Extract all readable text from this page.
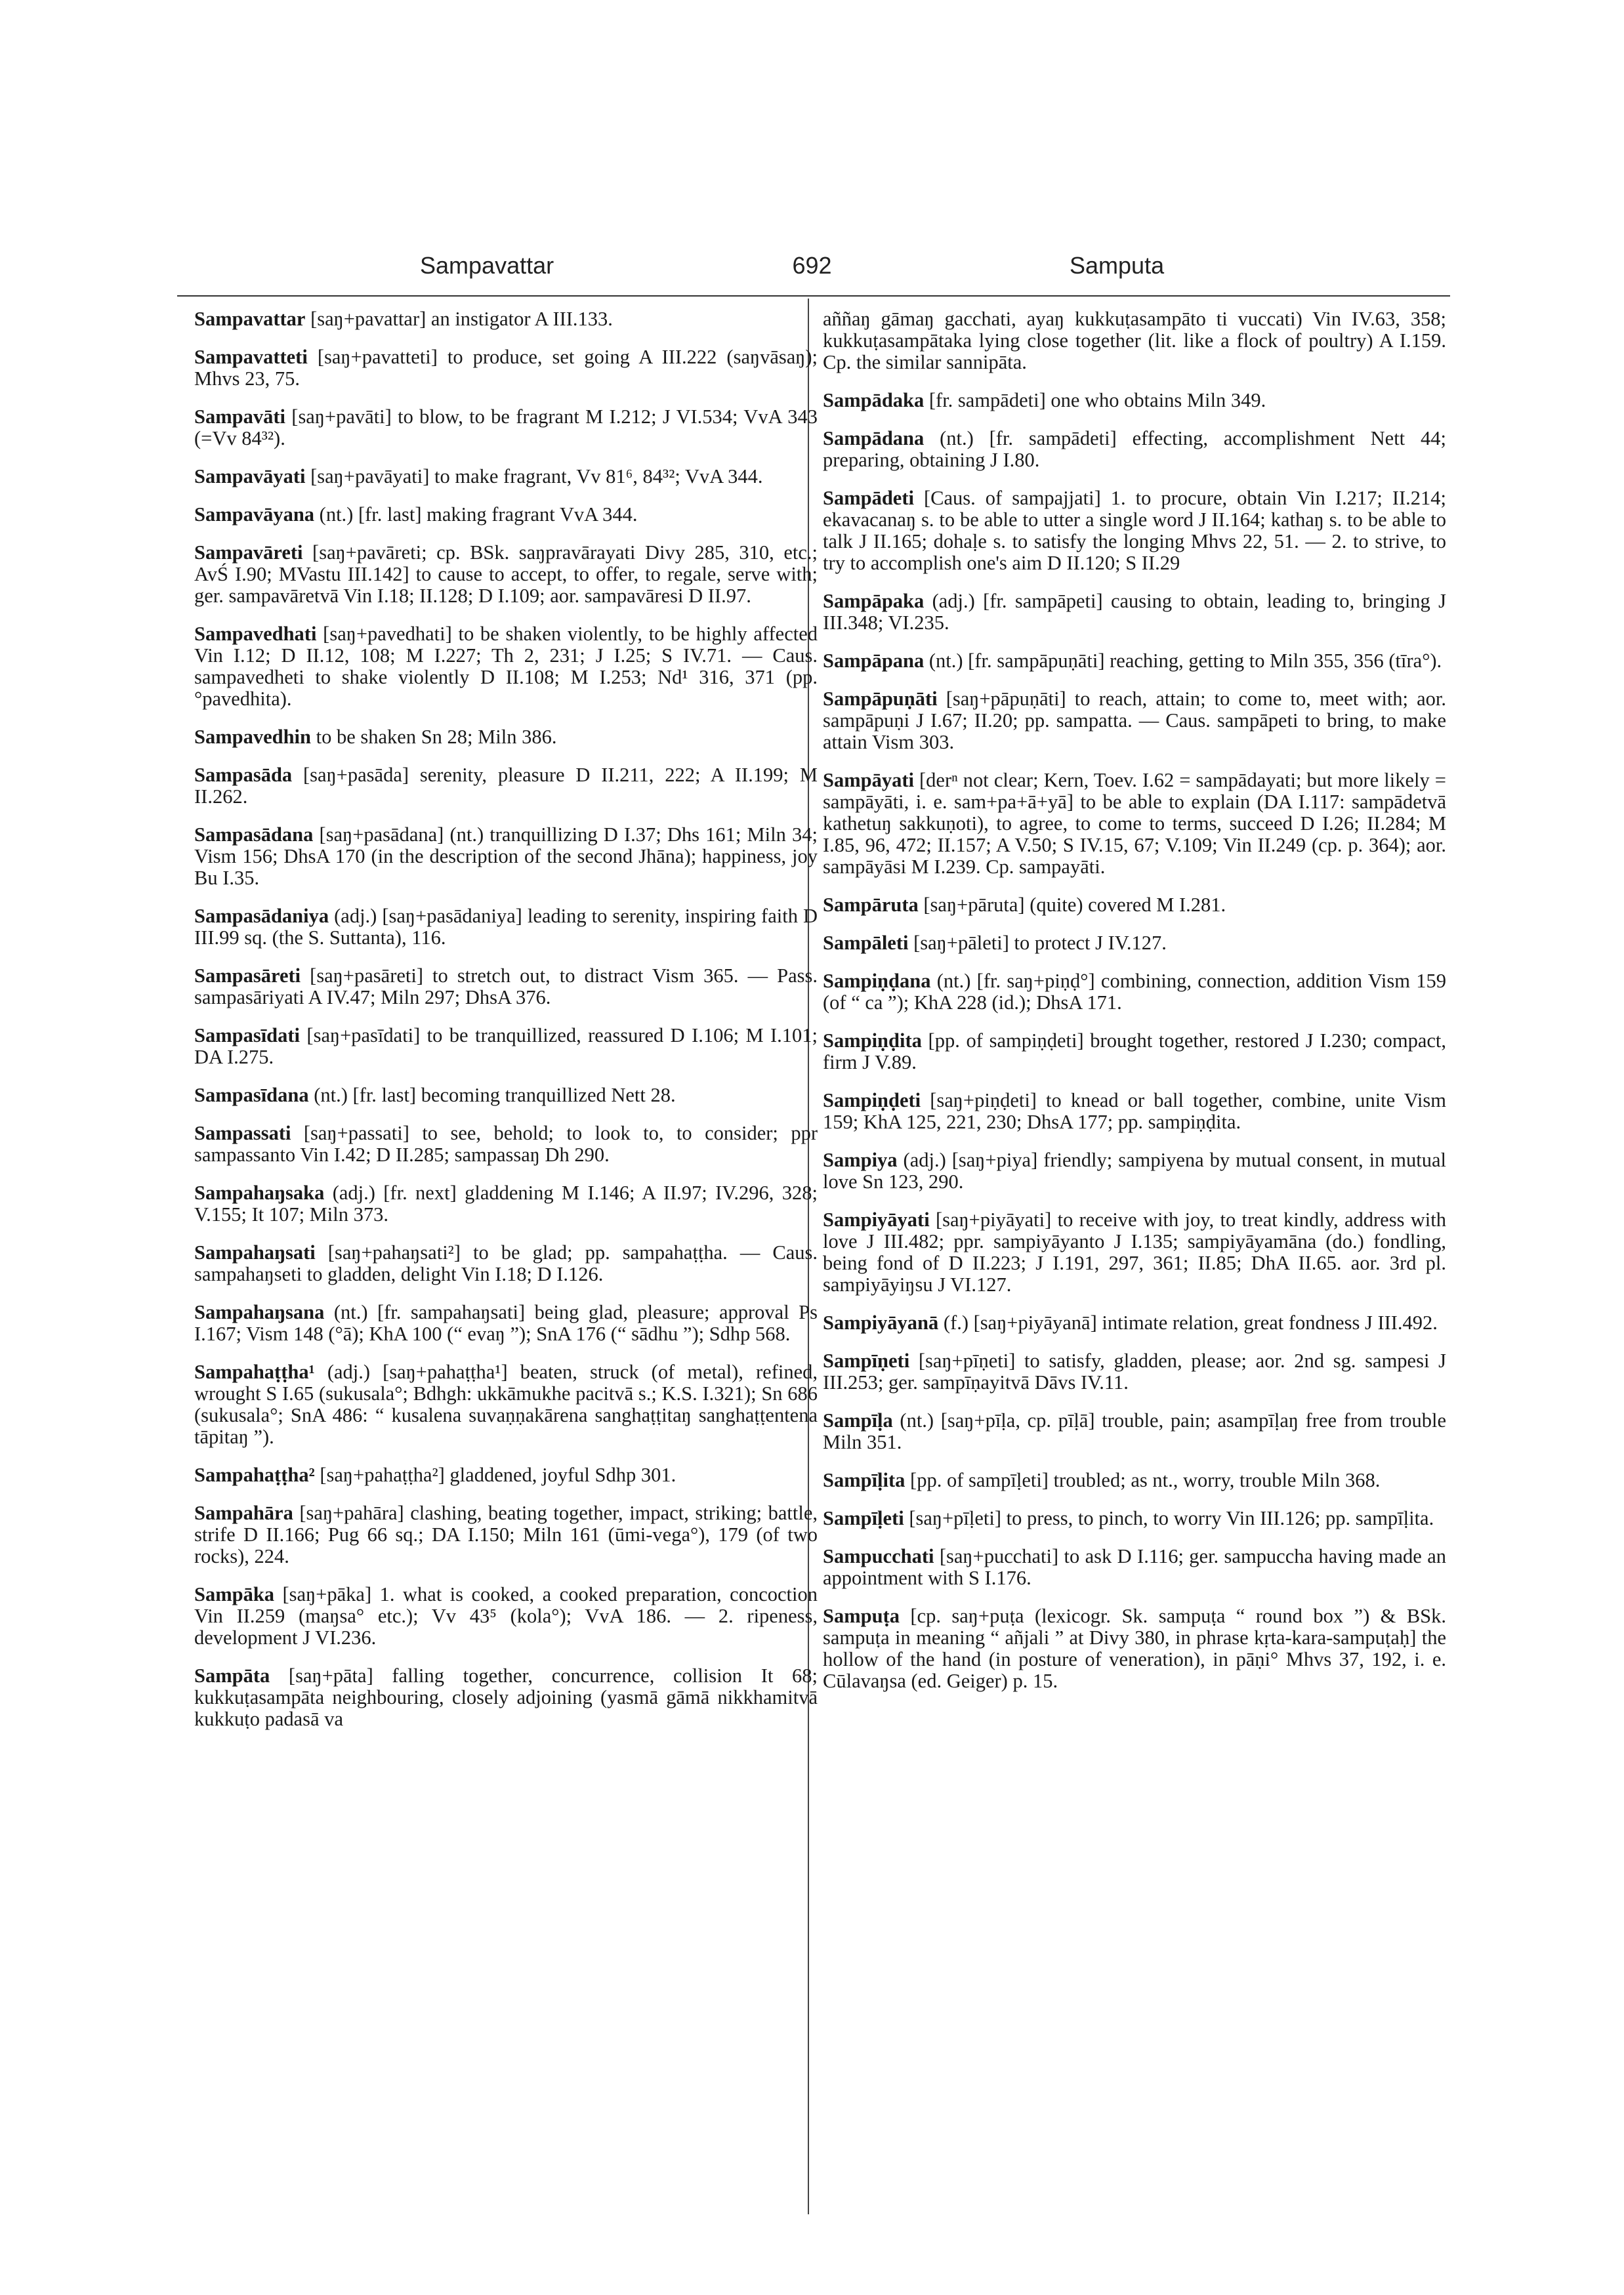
Sampavattar	692	Samputa

Sampavattar [saŋ+pavattar] an instigator A III.133.

Sampavatteti [saŋ+pavatteti] to produce, set going A III.222 (saŋvāsaŋ); Mhvs 23, 75.

Sampavāti [saŋ+pavāti] to blow, to be fragrant M I.212; J VI.534; VvA 343 (=Vv 84³²).

Sampavāyati [saŋ+pavāyati] to make fragrant, Vv 81⁶, 84³²; VvA 344.

Sampavāyana (nt.) [fr. last] making fragrant VvA 344.

Sampavāreti [saŋ+pavāreti; cp. BSk. saŋpravārayati Divy 285, 310, etc.; AvŚ I.90; MVastu III.142] to cause to accept, to offer, to regale, serve with; ger. sampavāretvā Vin I.18; II.128; D I.109; aor. sampavāresi D II.97.

Sampavedhati [saŋ+pavedhati] to be shaken violently, to be highly affected Vin I.12; D II.12, 108; M I.227; Th 2, 231; J I.25; S IV.71. — Caus. sampavedheti to shake violently D II.108; M I.253; Nd¹ 316, 371 (pp. °pavedhita).

Sampavedhin to be shaken Sn 28; Miln 386.

Sampasāda [saŋ+pasāda] serenity, pleasure D II.211, 222; A II.199; M II.262.

Sampasādana [saŋ+pasādana] (nt.) tranquillizing D I.37; Dhs 161; Miln 34; Vism 156; DhsA 170 (in the description of the second Jhāna); happiness, joy Bu I.35.

Sampasādaniya (adj.) [saŋ+pasādaniya] leading to serenity, inspiring faith D III.99 sq. (the S. Suttanta), 116.

Sampasāreti [saŋ+pasāreti] to stretch out, to distract Vism 365. — Pass. sampasāriyati A IV.47; Miln 297; DhsA 376.

Sampasīdati [saŋ+pasīdati] to be tranquillized, reassured D I.106; M I.101; DA I.275.

Sampasīdana (nt.) [fr. last] becoming tranquillized Nett 28.

Sampassati [saŋ+passati] to see, behold; to look to, to consider; ppr sampassanto Vin I.42; D II.285; sampassaŋ Dh 290.

Sampahaŋsaka (adj.) [fr. next] gladdening M I.146; A II.97; IV.296, 328; V.155; It 107; Miln 373.

Sampahaŋsati [saŋ+pahaŋsati²] to be glad; pp. sampahaṭṭha. — Caus. sampahaŋseti to gladden, delight Vin I.18; D I.126.

Sampahaŋsana (nt.) [fr. sampahaŋsati] being glad, pleasure; approval Ps I.167; Vism 148 (°ā); KhA 100 (“ evaŋ ”); SnA 176 (“ sādhu ”); Sdhp 568.

Sampahaṭṭha¹ (adj.) [saŋ+pahaṭṭha¹] beaten, struck (of metal), refined, wrought S I.65 (sukusala°; Bdhgh: ukkāmukhe pacitvā s.; K.S. I.321); Sn 686 (sukusala°; SnA 486: “ kusalena suvaṇṇakārena sanghaṭṭitaŋ sanghaṭṭentena tāpitaŋ ”).

Sampahaṭṭha² [saŋ+pahaṭṭha²] gladdened, joyful Sdhp 301.

Sampahāra [saŋ+pahāra] clashing, beating together, impact, striking; battle, strife D II.166; Pug 66 sq.; DA I.150; Miln 161 (ūmi-vega°), 179 (of two rocks), 224.

Sampāka [saŋ+pāka] 1. what is cooked, a cooked preparation, concoction Vin II.259 (maŋsa° etc.); Vv 43⁵ (kola°); VvA 186. — 2. ripeness, development J VI.236.

Sampāta [saŋ+pāta] falling together, concurrence, collision It 68; kukkuṭasampāta neighbouring, closely adjoining (yasmā gāmā nikkhamitvā kukkuṭo padasā va

aññaŋ gāmaŋ gacchati, ayaŋ kukkuṭasampāto ti vuccati) Vin IV.63, 358; kukkuṭasampātaka lying close together (lit. like a flock of poultry) A I.159. Cp. the similar sannipāta.

Sampādaka [fr. sampādeti] one who obtains Miln 349.

Sampādana (nt.) [fr. sampādeti] effecting, accomplishment Nett 44; preparing, obtaining J I.80.

Sampādeti [Caus. of sampajjati] 1. to procure, obtain Vin I.217; II.214; ekavacanaŋ s. to be able to utter a single word J II.164; kathaŋ s. to be able to talk J II.165; dohaḷe s. to satisfy the longing Mhvs 22, 51. — 2. to strive, to try to accomplish one's aim D II.120; S II.29

Sampāpaka (adj.) [fr. sampāpeti] causing to obtain, leading to, bringing J III.348; VI.235.

Sampāpana (nt.) [fr. sampāpuṇāti] reaching, getting to Miln 355, 356 (tīra°).

Sampāpuṇāti [saŋ+pāpuṇāti] to reach, attain; to come to, meet with; aor. sampāpuṇi J I.67; II.20; pp. sampatta. — Caus. sampāpeti to bring, to make attain Vism 303.

Sampāyati [derⁿ not clear; Kern, Toev. I.62 = sampādayati; but more likely = sampāyāti, i. e. sam+pa+ā+yā] to be able to explain (DA I.117: sampādetvā kathetuŋ sakkuṇoti), to agree, to come to terms, succeed D I.26; II.284; M I.85, 96, 472; II.157; A V.50; S IV.15, 67; V.109; Vin II.249 (cp. p. 364); aor. sampāyāsi M I.239. Cp. sampayāti.

Sampāruta [saŋ+pāruta] (quite) covered M I.281.

Sampāleti [saŋ+pāleti] to protect J IV.127.

Sampiṇḍana (nt.) [fr. saŋ+piṇḍ°] combining, connection, addition Vism 159 (of “ ca ”); KhA 228 (id.); DhsA 171.

Sampiṇḍita [pp. of sampiṇḍeti] brought together, restored J I.230; compact, firm J V.89.

Sampiṇḍeti [saŋ+piṇḍeti] to knead or ball together, combine, unite Vism 159; KhA 125, 221, 230; DhsA 177; pp. sampiṇḍita.

Sampiya (adj.) [saŋ+piya] friendly; sampiyena by mutual consent, in mutual love Sn 123, 290.

Sampiyāyati [saŋ+piyāyati] to receive with joy, to treat kindly, address with love J III.482; ppr. sampiyāyanto J I.135; sampiyāyamāna (do.) fondling, being fond of D II.223; J I.191, 297, 361; II.85; DhA II.65. aor. 3rd pl. sampiyāyiŋsu J VI.127.

Sampiyāyanā (f.) [saŋ+piyāyanā] intimate relation, great fondness J III.492.

Sampīṇeti [saŋ+pīṇeti] to satisfy, gladden, please; aor. 2nd sg. sampesi J III.253; ger. sampīṇayitvā Dāvs IV.11.

Sampīḷa (nt.) [saŋ+pīḷa, cp. pīḷā] trouble, pain; asampīḷaŋ free from trouble Miln 351.

Sampīḷita [pp. of sampīḷeti] troubled; as nt., worry, trouble Miln 368.

Sampīḷeti [saŋ+pīḷeti] to press, to pinch, to worry Vin III.126; pp. sampīḷita.

Sampucchati [saŋ+pucchati] to ask D I.116; ger. sampuccha having made an appointment with S I.176.

Sampuṭa [cp. saŋ+puṭa (lexicogr. Sk. sampuṭa “ round box ”) & BSk. sampuṭa in meaning “ añjali ” at Divy 380, in phrase kṛta-kara-sampuṭaḥ] the hollow of the hand (in posture of veneration), in pāṇi° Mhvs 37, 192, i. e. Cūlavaŋsa (ed. Geiger) p. 15.
